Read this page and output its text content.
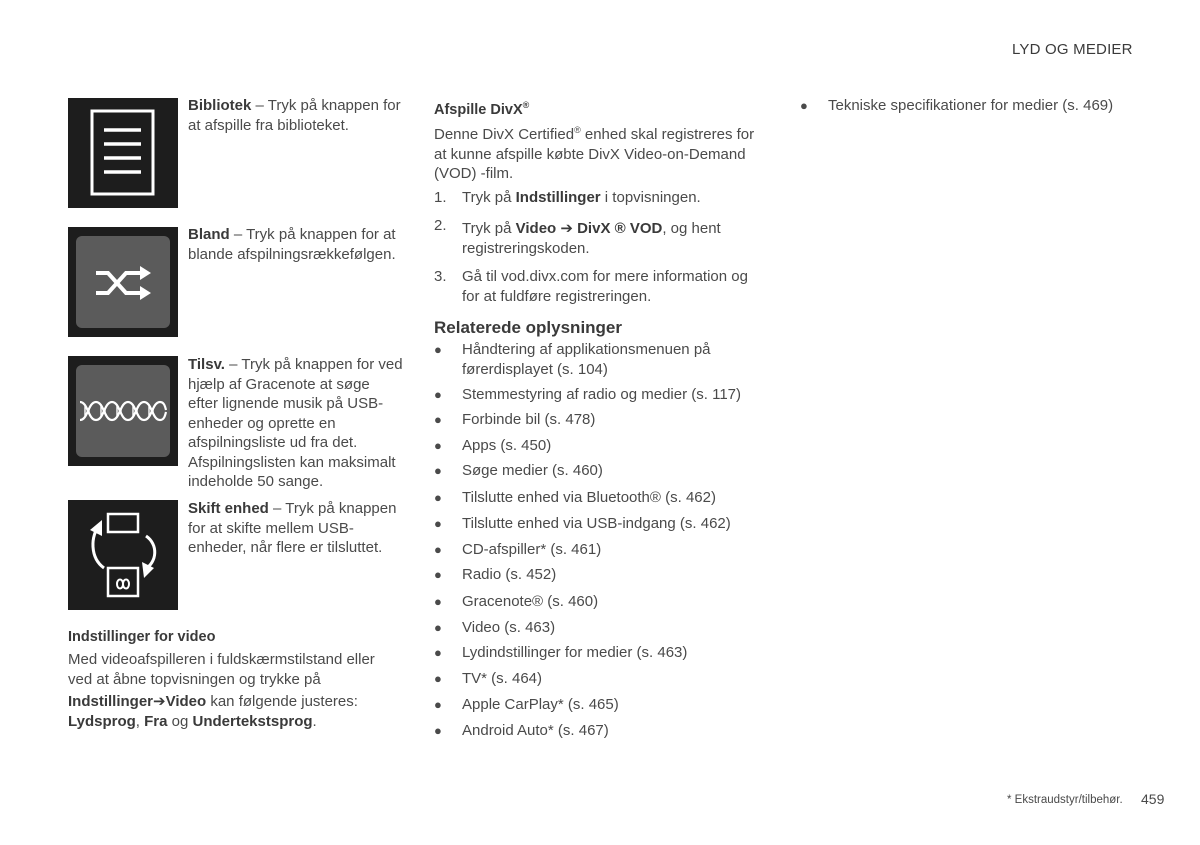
LYD OG MEDIER
Bibliotek – Tryk på knappen for at afspille fra biblioteket.
Bland – Tryk på knappen for at blande afspilningsrækkefølgen.
Tilsv. – Tryk på knappen for ved hjælp af Gracenote at søge efter lignende musik på USB-enheder og oprette en afspilningsliste ud fra det. Afspilningslisten kan maksimalt indeholde 50 sange.
Skift enhed – Tryk på knappen for at skifte mellem USB-enheder, når flere er tilsluttet.
Indstillinger for video
Med videoafspilleren i fuldskærmstilstand eller ved at åbne topvisningen og trykke på
Indstillinger➔Video kan følgende justeres: Lydsprog, Fra og Undertekstsprog.
Afspille DivX®
Denne DivX Certified® enhed skal registreres for at kunne afspille købte DivX Video-on-Demand (VOD) -film.
1. Tryk på Indstillinger i topvisningen.
2. Tryk på Video ➔ DivX ® VOD, og hent registreringskoden.
3. Gå til vod.divx.com for mere information og for at fuldføre registreringen.
Relaterede oplysninger
● Håndtering af applikationsmenuen på førerdisplayet (s. 104)
● Stemmestyring af radio og medier (s. 117)
● Forbinde bil (s. 478)
● Apps (s. 450)
● Søge medier (s. 460)
● Tilslutte enhed via Bluetooth® (s. 462)
● Tilslutte enhed via USB-indgang (s. 462)
● CD-afspiller* (s. 461)
● Radio (s. 452)
● Gracenote® (s. 460)
● Video (s. 463)
● Lydindstillinger for medier (s. 463)
● TV* (s. 464)
● Apple CarPlay* (s. 465)
● Android Auto* (s. 467)
● Tekniske specifikationer for medier (s. 469)
* Ekstraudstyr/tilbehør. 459
